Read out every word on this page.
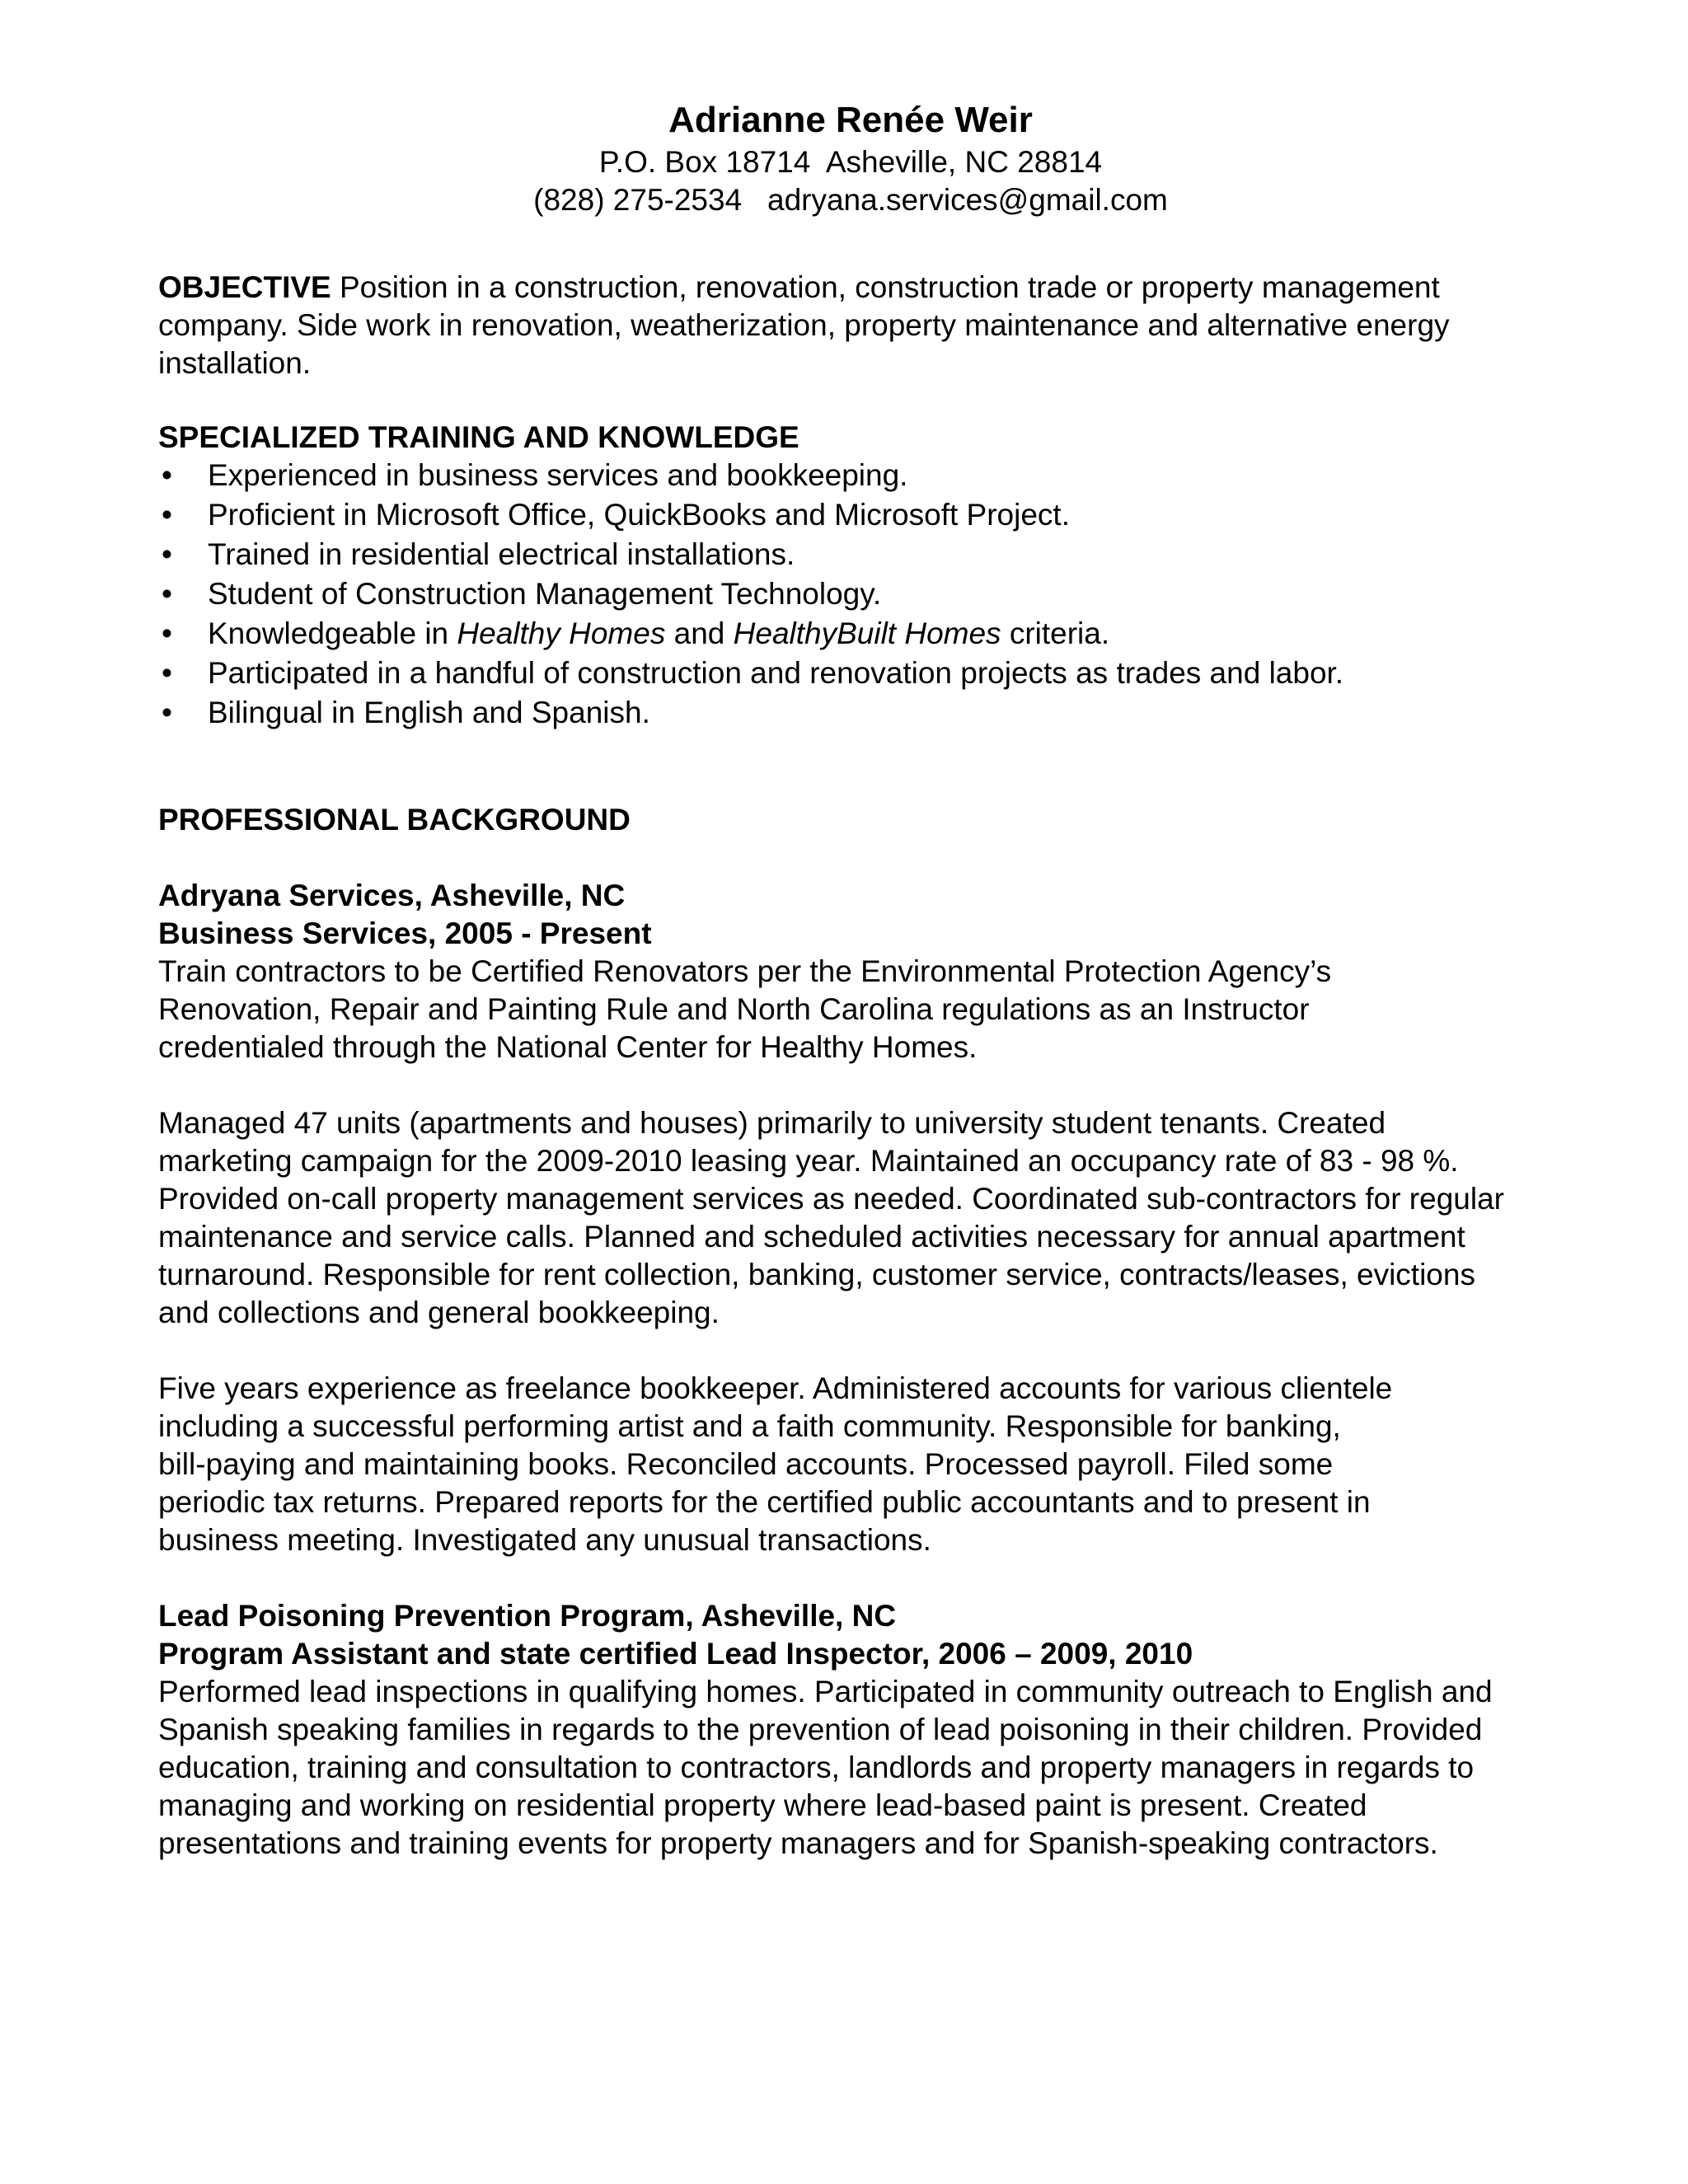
Adrianne Renée Weir

P.O. Box 18714  Asheville, NC 28814

(828) 275-2534   adryana.services@gmail.com

OBJECTIVE Position in a construction, renovation, construction trade or property management company. Side work in renovation, weatherization, property maintenance and alternative energy installation.

SPECIALIZED TRAINING AND KNOWLEDGE

• Experienced in business services and bookkeeping.
• Proficient in Microsoft Office, QuickBooks and Microsoft Project.
• Trained in residential electrical installations.
• Student of Construction Management Technology.
• Knowledgeable in Healthy Homes and HealthyBuilt Homes criteria.
• Participated in a handful of construction and renovation projects as trades and labor.
• Bilingual in English and Spanish.

PROFESSIONAL BACKGROUND

Adryana Services, Asheville, NC

Business Services, 2005 - Present

Train contractors to be Certified Renovators per the Environmental Protection Agency’s Renovation, Repair and Painting Rule and North Carolina regulations as an Instructor credentialed through the National Center for Healthy Homes.

Managed 47 units (apartments and houses) primarily to university student tenants. Created marketing campaign for the 2009-2010 leasing year. Maintained an occupancy rate of 83 - 98 %. Provided on-call property management services as needed. Coordinated sub-contractors for regular maintenance and service calls. Planned and scheduled activities necessary for annual apartment turnaround. Responsible for rent collection, banking, customer service, contracts/leases, evictions and collections and general bookkeeping.

Five years experience as freelance bookkeeper. Administered accounts for various clientele including a successful performing artist and a faith community. Responsible for banking, bill-paying and maintaining books. Reconciled accounts. Processed payroll. Filed some periodic tax returns. Prepared reports for the certified public accountants and to present in business meeting. Investigated any unusual transactions.

Lead Poisoning Prevention Program, Asheville, NC

Program Assistant and state certified Lead Inspector, 2006 – 2009, 2010

Performed lead inspections in qualifying homes. Participated in community outreach to English and Spanish speaking families in regards to the prevention of lead poisoning in their children. Provided education, training and consultation to contractors, landlords and property managers in regards to managing and working on residential property where lead-based paint is present. Created presentations and training events for property managers and for Spanish-speaking contractors.
